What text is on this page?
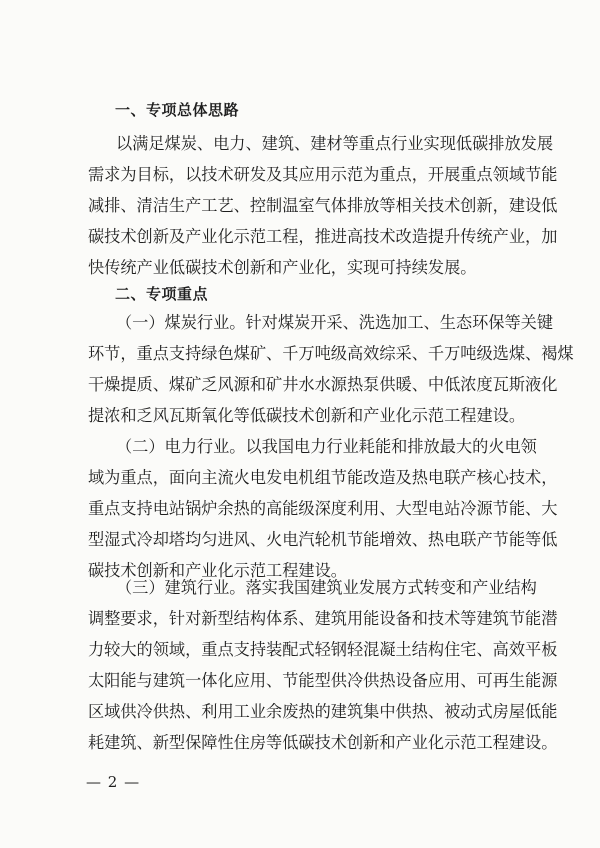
一、专项总体思路
以满足煤炭、电力、建筑、建材等重点行业实现低碳排放发展
需求为目标，以技术研发及其应用示范为重点，开展重点领域节能
减排、清洁生产工艺、控制温室气体排放等相关技术创新，建设低
碳技术创新及产业化示范工程，推进高技术改造提升传统产业，加
快传统产业低碳技术创新和产业化，实现可持续发展。
二、专项重点
（一）煤炭行业。针对煤炭开采、洗选加工、生态环保等关键
环节，重点支持绿色煤矿、千万吨级高效综采、千万吨级选煤、褐煤
干燥提质、煤矿乏风源和矿井水水源热泵供暖、中低浓度瓦斯液化
提浓和乏风瓦斯氧化等低碳技术创新和产业化示范工程建设。
（二）电力行业。以我国电力行业耗能和排放最大的火电领
域为重点，面向主流火电发电机组节能改造及热电联产核心技术，
重点支持电站锅炉余热的高能级深度利用、大型电站冷源节能、大
型湿式冷却塔均匀进风、火电汽轮机节能增效、热电联产节能等低
碳技术创新和产业化示范工程建设。
（三）建筑行业。落实我国建筑业发展方式转变和产业结构
调整要求，针对新型结构体系、建筑用能设备和技术等建筑节能潜
力较大的领域，重点支持装配式轻钢轻混凝土结构住宅、高效平板
太阳能与建筑一体化应用、节能型供冷供热设备应用、可再生能源
区域供冷供热、利用工业余废热的建筑集中供热、被动式房屋低能
耗建筑、新型保障性住房等低碳技术创新和产业化示范工程建设。
— 2 —
